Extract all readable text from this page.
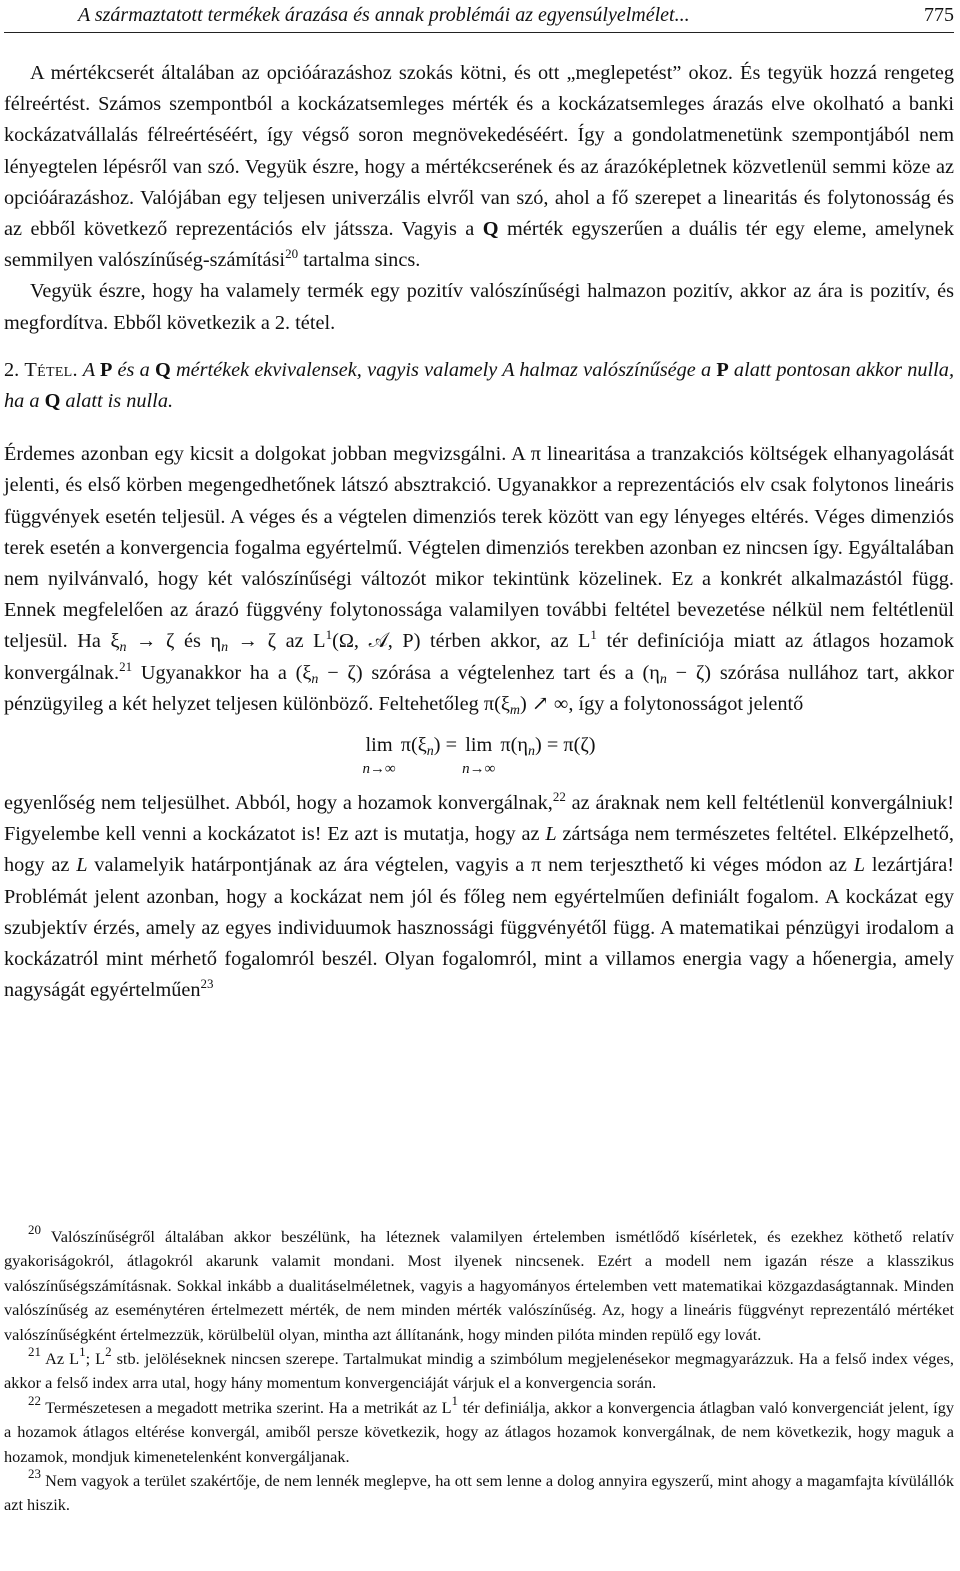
A származtatott termékek árazása és annak problémái az egyensúlyelmélet...	775

A mértékcserét általában az opcióárazáshoz szokás kötni, és ott „meglepetést” okoz. És tegyük hozzá rengeteg félreértést. Számos szempontból a kockázatsemleges mérték és a kockázatsemleges árazás elve okolható a banki kockázatvállalás félreértéséért, így végső soron megnövekedéséért. Így a gondolatmenetünk szempontjából nem lényegtelen lépésről van szó. Vegyük észre, hogy a mértékcserének és az árazóképletnek közvetlenül semmi köze az opcióárazáshoz. Valójában egy teljesen univerzális elvről van szó, ahol a fő szerepet a linearitás és folytonosság és az ebből következő reprezentációs elv játssza. Vagyis a Q mérték egyszerűen a duális tér egy eleme, amelynek semmilyen valószínűség-számítási$^{20}$ tartalma sincs.

Vegyük észre, hogy ha valamely termék egy pozitív valószínűségi halmazon pozitív, akkor az ára is pozitív, és megfordítva. Ebből következik a 2. tétel.

2. Tétel. A P és a Q mértékek ekvivalensek, vagyis valamely A halmaz valószínűsége a P alatt pontosan akkor nulla, ha a Q alatt is nulla.

Érdemes azonban egy kicsit a dolgokat jobban megvizsgálni. A π linearitása a tranzakciós költségek elhanyagolását jelenti, és első körben megengedhetőnek látszó absztrakció. Ugyanakkor a reprezentációs elv csak folytonos lineáris függvények esetén teljesül. A véges és a végtelen dimenziós terek között van egy lényeges eltérés. Véges dimenziós terek esetén a konvergencia fogalma egyértelmű. Végtelen dimenziós terekben azonban ez nincsen így. Egyáltalában nem nyilvánvaló, hogy két valószínűségi változót mikor tekintünk közelinek. Ez a konkrét alkalmazástól függ. Ennek megfelelően az árazó függvény folytonossága valamilyen további feltétel bevezetése nélkül nem feltétlenül teljesül. Ha $\xi_n \to \zeta$ és $\eta_n \to \zeta$ az $L^1(\Omega$, 𝒜, P) térben akkor, az $L^1$ tér definíciója miatt az átlagos hozamok konvergálnak.$^{21}$ Ugyanakkor ha a $(\xi_n - \zeta)$ szórása a végtelenhez tart és a $(\eta_n - \zeta)$ szórása nullához tart, akkor pénzügyileg a két helyzet teljesen különböző. Feltehetőleg $\pi(\xi_m)$ ↗ ∞, így a folytonosságot jelentő

lim
n→∞
$\pi(\xi_n) = \lim$
n→∞
$\pi(\eta_n) = \pi(\zeta)$

egyenlőség nem teljesülhet. Abból, hogy a hozamok konvergálnak,$^{22}$ az áraknak nem kell feltétlenül konvergálniuk! Figyelembe kell venni a kockázatot is! Ez azt is mutatja, hogy az L zártsága nem természetes feltétel. Elképzelhető, hogy az L valamelyik határpontjának az ára végtelen, vagyis a π nem terjeszthető ki véges módon az L lezártjára! Problémát jelent azonban, hogy a kockázat nem jól és főleg nem egyértelműen definiált fogalom. A kockázat egy szubjektív érzés, amely az egyes individuumok hasznossági függvényétől függ. A matematikai pénzügyi irodalom a kockázatról mint mérhető fogalomról beszél. Olyan fogalomról, mint a villamos energia vagy a hőenergia, amely nagyságát egyértelműen$^{23}$

$^{20}$ Valószínűségről általában akkor beszélünk, ha léteznek valamilyen értelemben ismétlődő kísérletek, és ezekhez köthető relatív gyakoriságokról, átlagokról akarunk valamit mondani. Most ilyenek nincsenek. Ezért a modell nem igazán része a klasszikus valószínűségszámításnak. Sokkal inkább a dualitáselméletnek, vagyis a hagyományos értelemben vett matematikai közgazdaságtannak. Minden valószínűség az eseménytéren értelmezett mérték, de nem minden mérték valószínűség. Az, hogy a lineáris függvényt reprezentáló mértéket valószínűségként értelmezzük, körülbelül olyan, mintha azt állítanánk, hogy minden pilóta minden repülő egy lovát.

$^{21}$ Az $L^1$; $L^2$ stb. jelöléseknek nincsen szerepe. Tartalmukat mindig a szimbólum megjelenésekor megmagyarázzuk. Ha a felső index véges, akkor a felső index arra utal, hogy hány momentum konvergenciáját várjuk el a konvergencia során.

$^{22}$ Természetesen a megadott metrika szerint. Ha a metrikát az $L^1$ tér definiálja, akkor a konvergencia átlagban való konvergenciát jelent, így a hozamok átlagos eltérése konvergál, amiből persze következik, hogy az átlagos hozamok konvergálnak, de nem következik, hogy maguk a hozamok, mondjuk kimenetelenként konvergáljanak.

$^{23}$ Nem vagyok a terület szakértője, de nem lennék meglepve, ha ott sem lenne a dolog annyira egyszerű, mint ahogy a magamfajta kívülállók azt hiszik.
